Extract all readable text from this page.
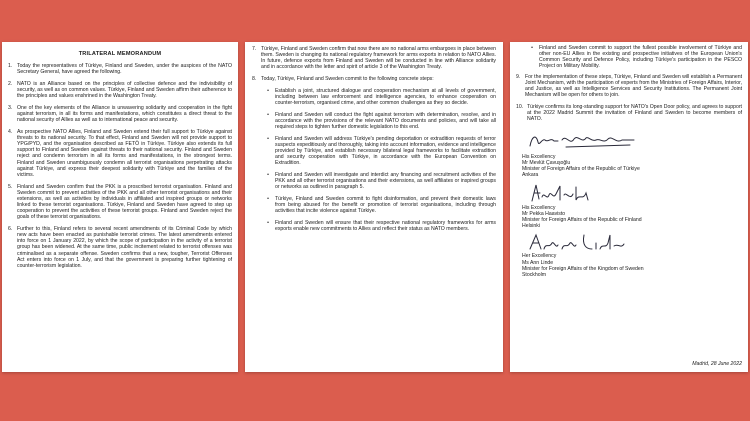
TRILATERAL MEMORANDUM
1. Today the representatives of Türkiye, Finland and Sweden, under the auspices of the NATO Secretary General, have agreed the following.
2. NATO is an Alliance based on the principles of collective defence and the indivisibility of security, as well as on common values. Türkiye, Finland and Sweden affirm their adherence to the principles and values enshrined in the Washington Treaty.
3. One of the key elements of the Alliance is unwavering solidarity and cooperation in the fight against terrorism, in all its forms and manifestations, which constitutes a direct threat to the national security of Allies as well as to international peace and security.
4. As prospective NATO Allies, Finland and Sweden extend their full support to Türkiye against threats to its national security. To that effect, Finland and Sweden will not provide support to YPG/PYD, and the organisation described as FETÖ in Türkiye. Türkiye also extends its full support to Finland and Sweden against threats to their national security. Finland and Sweden reject and condemn terrorism in all its forms and manifestations, in the strongest terms. Finland and Sweden unambiguously condemn all terrorist organisations perpetrating attacks against Türkiye, and express their deepest solidarity with Türkiye and the families of the victims.
5. Finland and Sweden confirm that the PKK is a proscribed terrorist organisation. Finland and Sweden commit to prevent activities of the PKK and all other terrorist organisations and their extensions, as well as activities by individuals in affiliated and inspired groups or networks linked to these terrorist organisations. Türkiye, Finland and Sweden have agreed to step up cooperation to prevent the activities of these terrorist groups. Finland and Sweden reject the goals of these terrorist organisations.
6. Further to this, Finland refers to several recent amendments of its Criminal Code by which new acts have been enacted as punishable terrorist crimes. The latest amendments entered into force on 1 January 2022, by which the scope of participation in the activity of a terrorist group has been widened. At the same time, public incitement related to terrorist offenses was criminalised as a separate offense. Sweden confirms that a new, tougher, Terrorist Offenses Act enters into force on 1 July, and that the government is preparing further tightening of counter-terrorism legislation.
7. Türkiye, Finland and Sweden confirm that now there are no national arms embargoes in place between them. Sweden is changing its national regulatory framework for arms exports in relation to NATO Allies. In future, defence exports from Finland and Sweden will be conducted in line with Alliance solidarity and in accordance with the letter and spirit of article 3 of the Washington Treaty.
8. Today, Türkiye, Finland and Sweden commit to the following concrete steps:
•	Establish a joint, structured dialogue and cooperation mechanism at all levels of government, including between law enforcement and intelligence agencies, to enhance cooperation on counter-terrorism, organised crime, and other common challenges as they so decide.
•	Finland and Sweden will conduct the fight against terrorism with determination, resolve, and in accordance with the provisions of the relevant NATO documents and policies, and will take all required steps to tighten further domestic legislation to this end.
•	Finland and Sweden will address Türkiye's pending deportation or extradition requests of terror suspects expeditiously and thoroughly, taking into account information, evidence and intelligence provided by Türkiye, and establish necessary bilateral legal frameworks to facilitate extradition and security cooperation with Türkiye, in accordance with the European Convention on Extradition.
•	Finland and Sweden will investigate and interdict any financing and recruitment activities of the PKK and all other terrorist organisations and their extensions, as well affiliates or inspired groups or networks as outlined in paragraph 5.
•	Türkiye, Finland and Sweden commit to fight disinformation, and prevent their domestic laws from being abused for the benefit or promotion of terrorist organisations, including through activities that incite violence against Türkiye.
•	Finland and Sweden will ensure that their respective national regulatory frameworks for arms exports enable new commitments to Allies and reflect their status as NATO members.
•	Finland and Sweden commit to support the fullest possible involvement of Türkiye and other non-EU Allies in the existing and prospective initiatives of the European Union's Common Security and Defence Policy, including Türkiye's participation in the PESCO Project on Military Mobility.
9. For the implementation of these steps, Türkiye, Finland and Sweden will establish a Permanent Joint Mechanism, with the participation of experts from the Ministries of Foreign Affairs, Interior, and Justice, as well as Intelligence Services and Security Institutions. The Permanent Joint Mechanism will be open for others to join.
10. Türkiye confirms its long-standing support for NATO's Open Door policy, and agrees to support at the 2022 Madrid Summit the invitation of Finland and Sweden to become members of NATO.
His Excellency
Mr Mevlüt Çavuşoğlu
Minister of Foreign Affairs of the Republic of Türkiye
Ankara
His Excellency
Mr Pekka Haavisto
Minister for Foreign Affairs of the Republic of Finland
Helsinki
Her Excellency
Ms Ann Linde
Minister for Foreign Affairs of the Kingdom of Sweden
Stockholm
Madrid, 28 June 2022
